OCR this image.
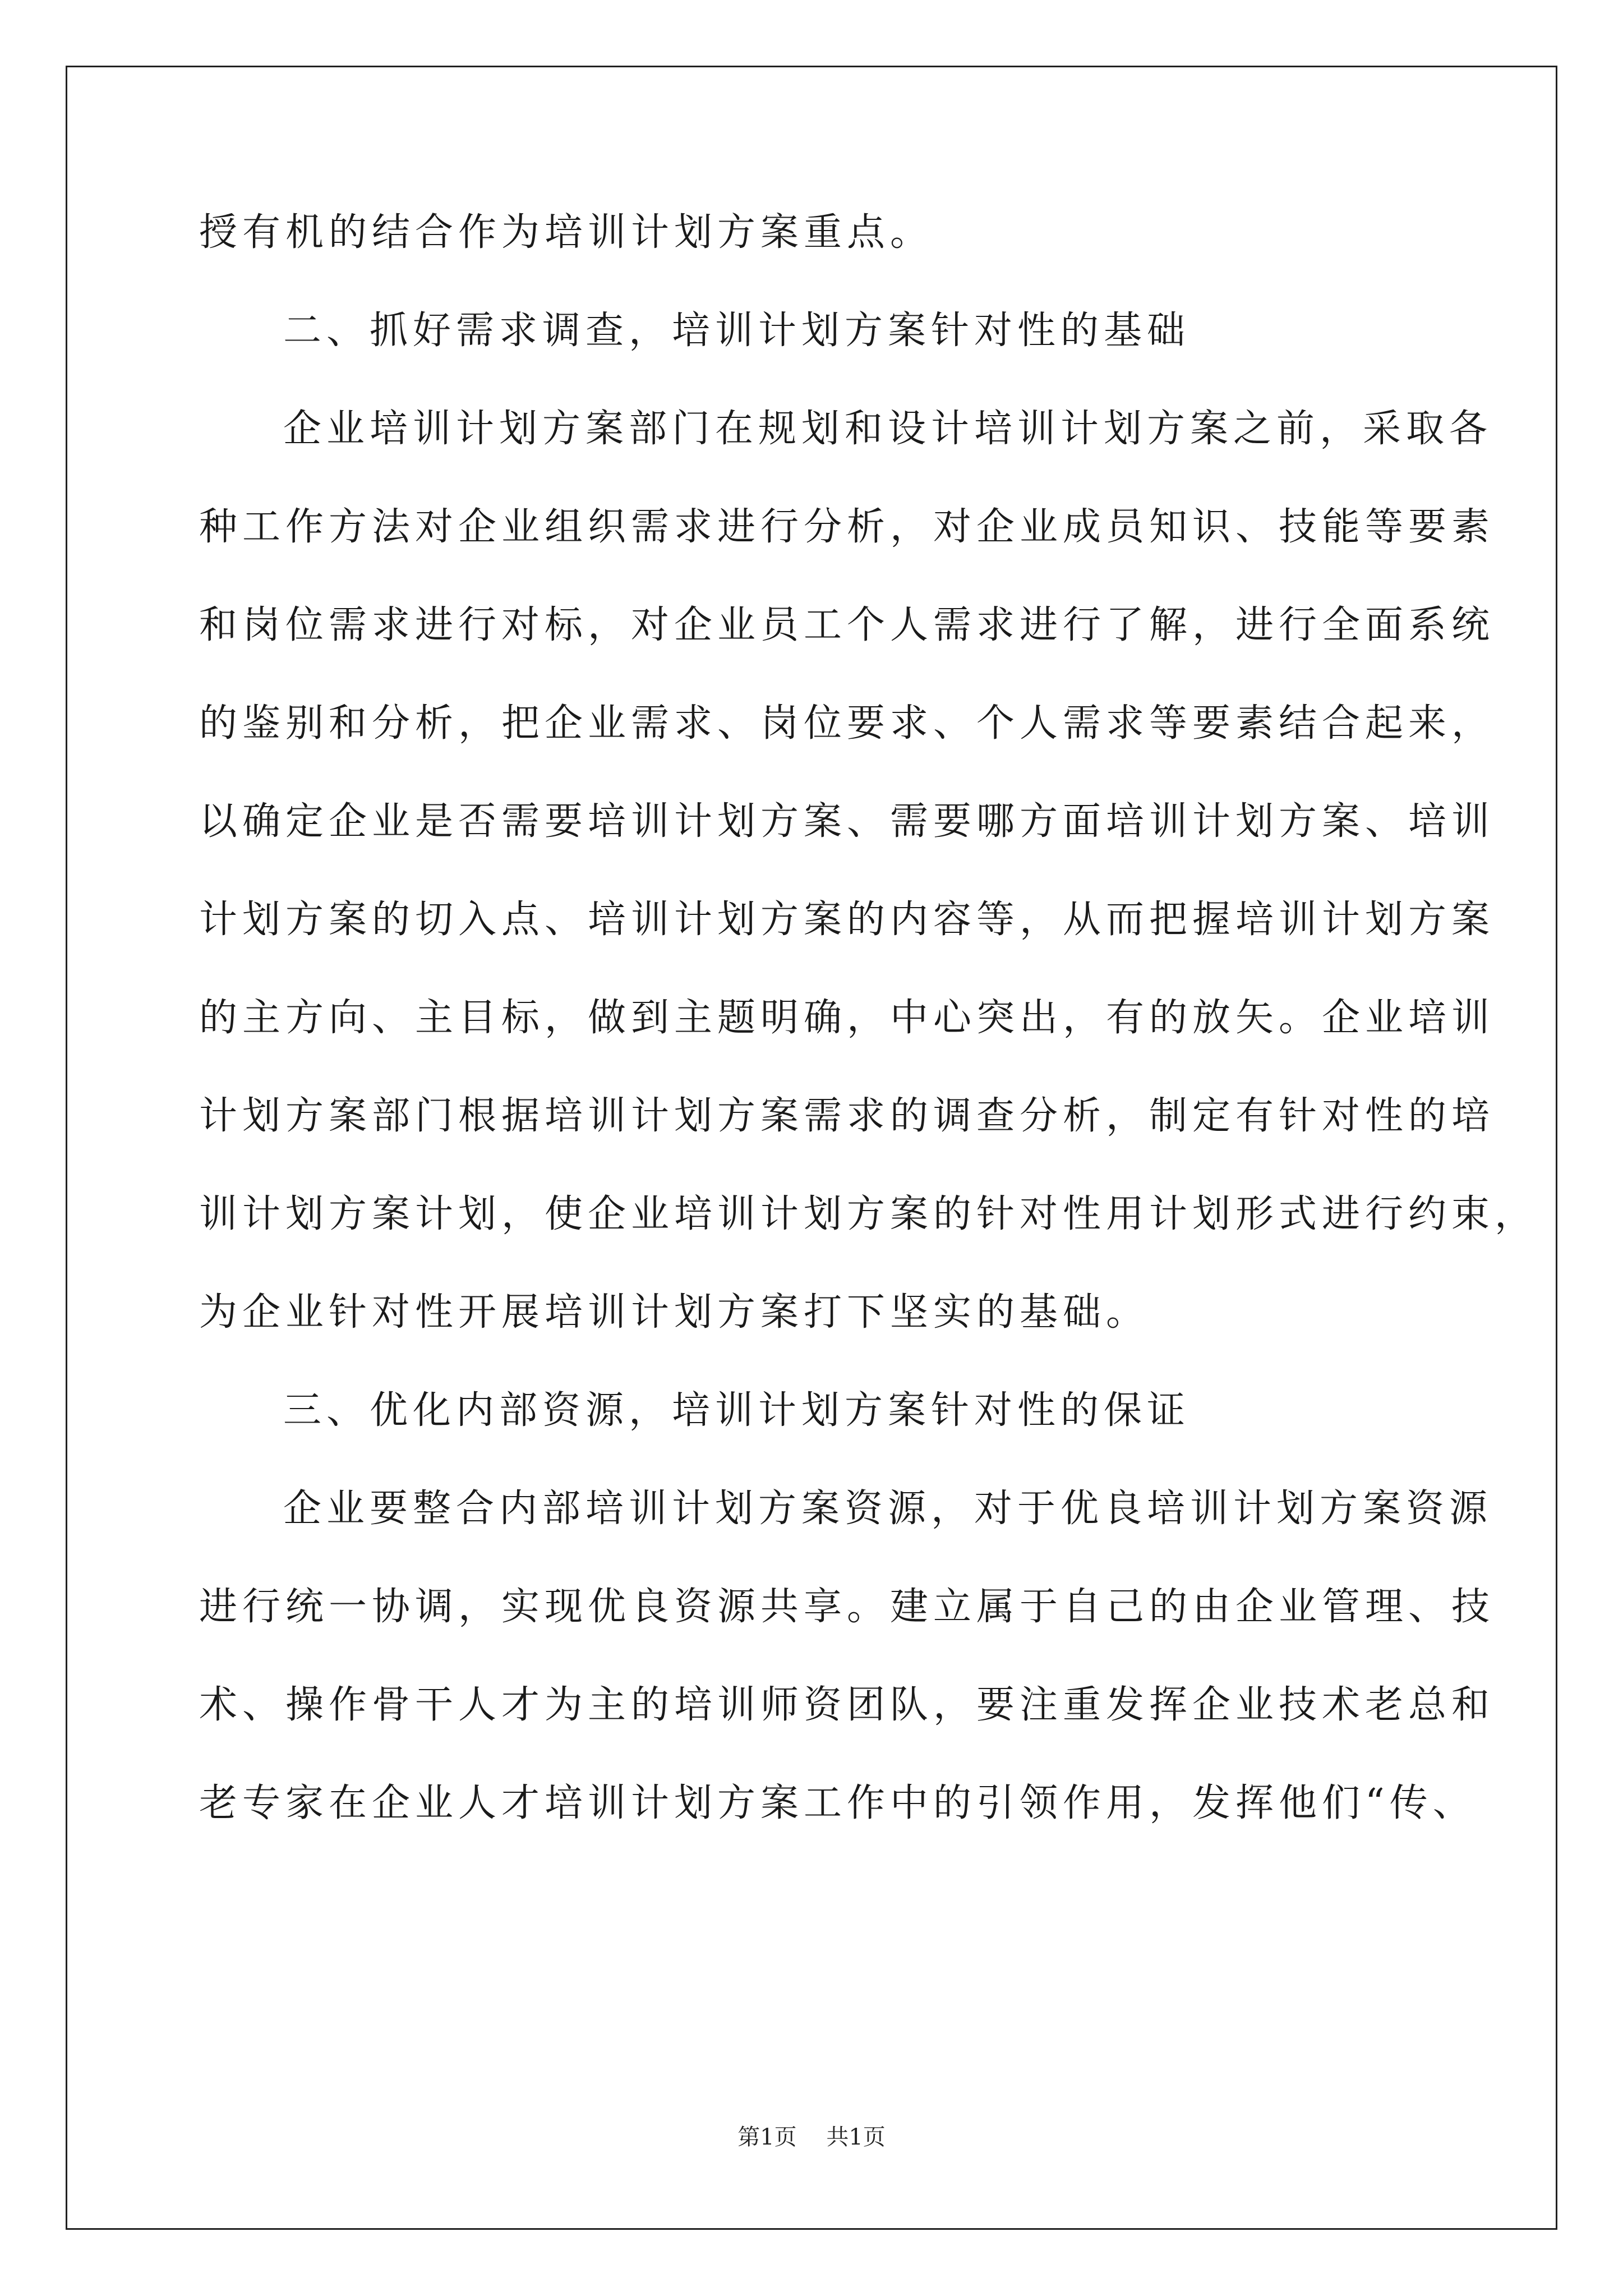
授有机的结合作为培训计划方案重点。
二、抓好需求调查，培训计划方案针对性的基础
企业培训计划方案部门在规划和设计培训计划方案之前，采取各
种工作方法对企业组织需求进行分析，对企业成员知识、技能等要素
和岗位需求进行对标，对企业员工个人需求进行了解，进行全面系统
的鉴别和分析，把企业需求、岗位要求、个人需求等要素结合起来，
以确定企业是否需要培训计划方案、需要哪方面培训计划方案、培训
计划方案的切入点、培训计划方案的内容等，从而把握培训计划方案
的主方向、主目标，做到主题明确，中心突出，有的放矢。企业培训
计划方案部门根据培训计划方案需求的调查分析，制定有针对性的培
训计划方案计划，使企业培训计划方案的针对性用计划形式进行约束，
为企业针对性开展培训计划方案打下坚实的基础。
三、优化内部资源，培训计划方案针对性的保证
企业要整合内部培训计划方案资源，对于优良培训计划方案资源
进行统一协调，实现优良资源共享。建立属于自己的由企业管理、技
术、操作骨干人才为主的培训师资团队，要注重发挥企业技术老总和
老专家在企业人才培训计划方案工作中的引领作用，发挥他们“传、
第1页 共1页
